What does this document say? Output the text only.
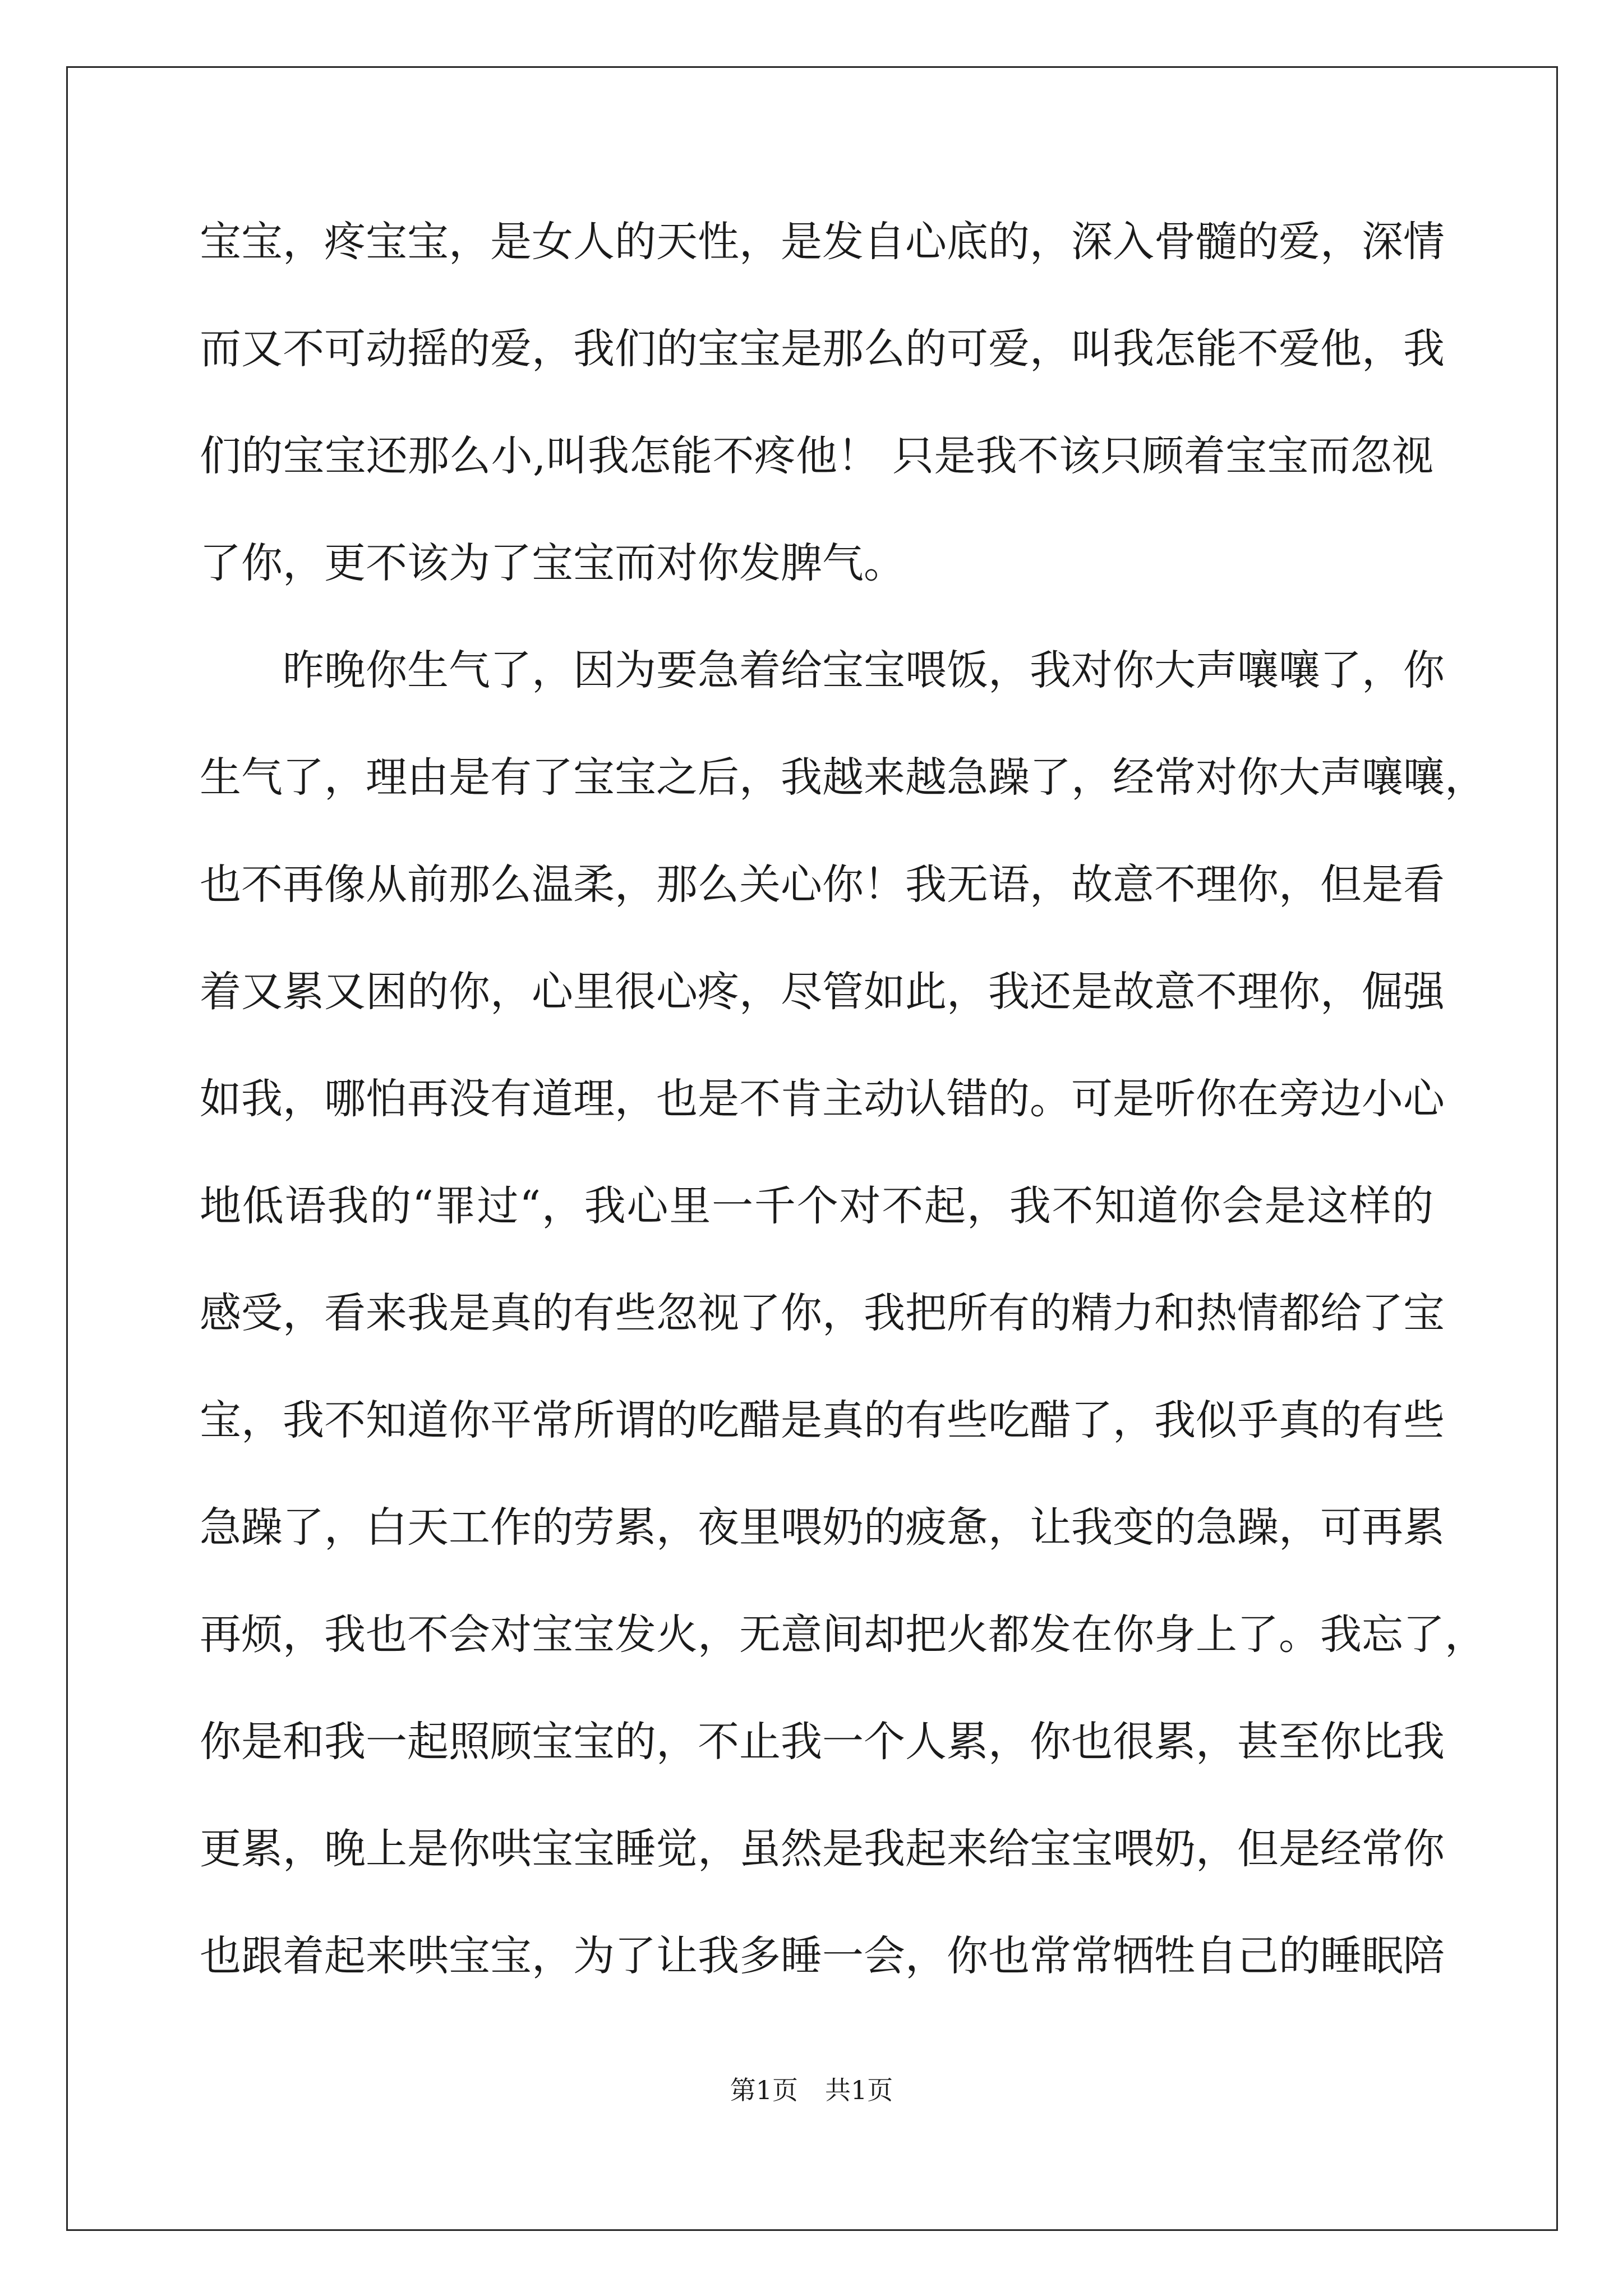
宝宝，疼宝宝，是女人的天性，是发自心底的，深入骨髓的爱，深情
而又不可动摇的爱，我们的宝宝是那么的可爱，叫我怎能不爱他，我
们的宝宝还那么小,叫我怎能不疼他！ 只是我不该只顾着宝宝而忽视
了你，更不该为了宝宝而对你发脾气。
昨晚你生气了，因为要急着给宝宝喂饭，我对你大声嚷嚷了，你
生气了，理由是有了宝宝之后，我越来越急躁了，经常对你大声嚷嚷，
也不再像从前那么温柔，那么关心你！我无语，故意不理你，但是看
着又累又困的你，心里很心疼，尽管如此，我还是故意不理你，倔强
如我，哪怕再没有道理，也是不肯主动认错的。可是听你在旁边小心
地低语我的“罪过“，我心里一千个对不起，我不知道你会是这样的
感受，看来我是真的有些忽视了你，我把所有的精力和热情都给了宝
宝，我不知道你平常所谓的吃醋是真的有些吃醋了，我似乎真的有些
急躁了，白天工作的劳累，夜里喂奶的疲惫，让我变的急躁，可再累
再烦，我也不会对宝宝发火，无意间却把火都发在你身上了。我忘了，
你是和我一起照顾宝宝的，不止我一个人累，你也很累，甚至你比我
更累，晚上是你哄宝宝睡觉，虽然是我起来给宝宝喂奶，但是经常你
也跟着起来哄宝宝，为了让我多睡一会，你也常常牺牲自己的睡眠陪
第1页 共1页
